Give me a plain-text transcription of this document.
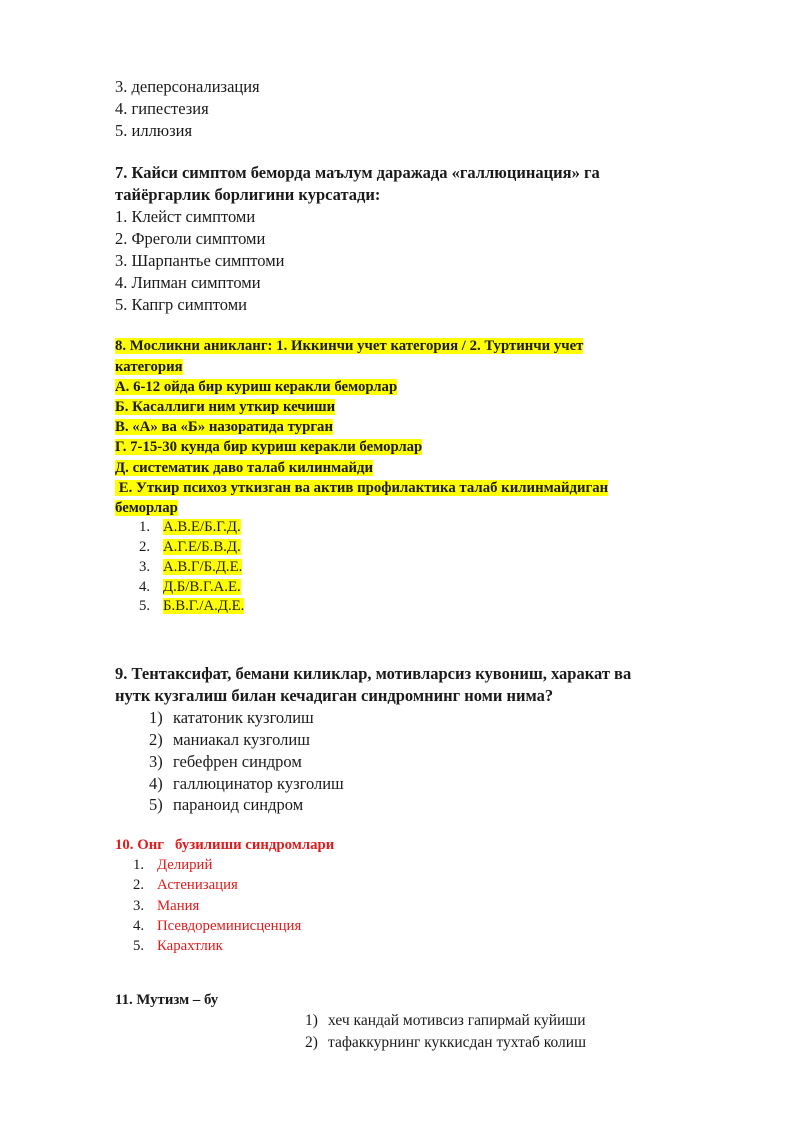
3. деперсонализация
4. гипестезия
5. иллюзия
7. Кайси симптом беморда маълум даражада «галлюцинация» га
тайёргарлик борлигини курсатади:
1. Клейст симптоми
2. Фреголи симптоми
3. Шарпантье симптоми
4. Липман симптоми
5. Капгр симптоми
8. Мосликни аникланг: 1. Иккинчи учет категория / 2. Туртинчи учет
категория
А. 6-12 ойда бир куриш керакли беморлар
Б. Касаллиги ним уткир кечиши
В. «А» ва «Б» назоратида турган
Г. 7-15-30 кунда бир куриш керакли беморлар
Д. систематик даво талаб килинмайди
Е. Уткир психоз уткизган ва актив профилактика талаб килинмайдиган
беморлар
1. А.В.Е/Б.Г.Д.
2. А.Г.Е/Б.В.Д.
3. А.В.Г/Б.Д.Е.
4. Д.Б/В.Г.А.Е.
5. Б.В.Г./А.Д.Е.
9. Тентаксифат, бемани киликлар, мотивларсиз кувониш, харакат ва
нутк кузгалиш билан кечадиган синдромнинг номи нима?
1) кататоник кузголиш
2) маниакал кузголиш
3) гебефрен синдром
4) галлюцинатор кузголиш
5) параноид синдром
10. Онг   бузилиши синдромлари
1. Делирий
2. Астенизация
3. Мания
4. Псевдореминисценция
5. Карахтлик
11. Мутизм – бу
1) хеч кандай мотивсиз гапирмай куйиши
2) тафаккурнинг куккисдан тухтаб колиш
